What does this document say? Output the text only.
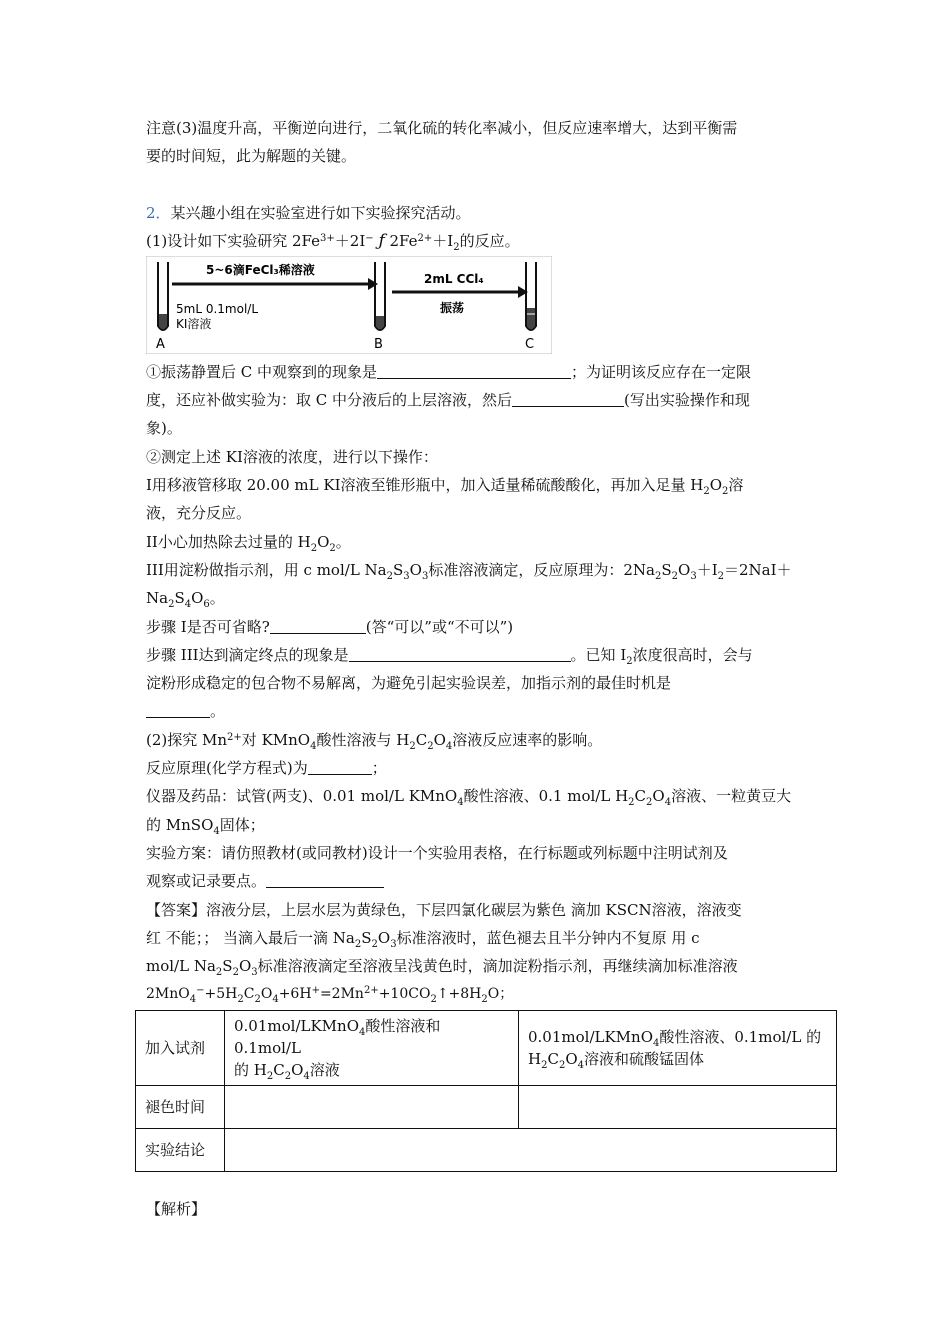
注意(3)温度升高，平衡逆向进行，二氧化硫的转化率减小，但反应速率增大，达到平衡需
要的时间短，此为解题的关键。
2．某兴趣小组在实验室进行如下实验探究活动。
(1)设计如下实验研究 $2Fe^{3+}+2I^-$ ƒ $2Fe^{2+}+I_2$的反应。
5~6滴FeCl₃稀溶液
2mL CCl₄
振荡
5mL 0.1mol/L
KI溶液
A	B	C
①振荡静置后 C 中观察到的现象是	；为证明该反应存在一定限
度，还应补做实验为：取 C 中分液后的上层溶液，然后	(写出实验操作和现
象)。
②测定上述 KI溶液的浓度，进行以下操作：
I用移液管移取 20.00 mL KI溶液至锥形瓶中，加入适量稀硫酸酸化，再加入足量 $H_2O_2$溶
液，充分反应。
II小心加热除去过量的 $H_2O_2$。
III用淀粉做指示剂，用 c mol/L $Na_2S_3O_3$标准溶液滴定，反应原理为：$2Na_2S_2O_3+I_2=2NaI+$
$Na_2S_4O_6$。
步骤 I是否可省略?	(答“可以”或“不可以”)
步骤 III达到滴定终点的现象是	。已知 $I_2$浓度很高时，会与
淀粉形成稳定的包合物不易解离，为避免引起实验误差，加指示剂的最佳时机是
。
(2)探究 $Mn^{2+}$对 KMnO$_4$酸性溶液与 $H_2C_2O_4$溶液反应速率的影响。
反应原理(化学方程式)为	；
仪器及药品：试管(两支)、0.01 mol/L KMnO$_4$酸性溶液、0.1 mol/L $H_2C_2O_4$溶液、一粒黄豆大
的 MnSO$_4$固体；
实验方案：请仿照教材(或同教材)设计一个实验用表格，在行标题或列标题中注明试剂及
观察或记录要点。
【答案】溶液分层，上层水层为黄绿色，下层四氯化碳层为紫色 滴加 KSCN溶液，溶液变
红 不能；； 当滴入最后一滴 $Na_2S_2O_3$标准溶液时，蓝色褪去且半分钟内不复原 用 c
mol/L $Na_2S_2O_3$标准溶液滴定至溶液呈浅黄色时，滴加淀粉指示剂，再继续滴加标准溶液
$2MnO_4^-+5H_2C_2O_4+6H^+=2Mn^{2+}+10CO_2↑+8H_2O$；
加入试剂	0.01mol/LKMnO$_4$酸性溶液和 0.1mol/L
的 $H_2C_2O_4$溶液	0.01mol/LKMnO$_4$酸性溶液、0.1mol/L 的
$H_2C_2O_4$溶液和硫酸锰固体
褪色时间		
实验结论		
【解析】
